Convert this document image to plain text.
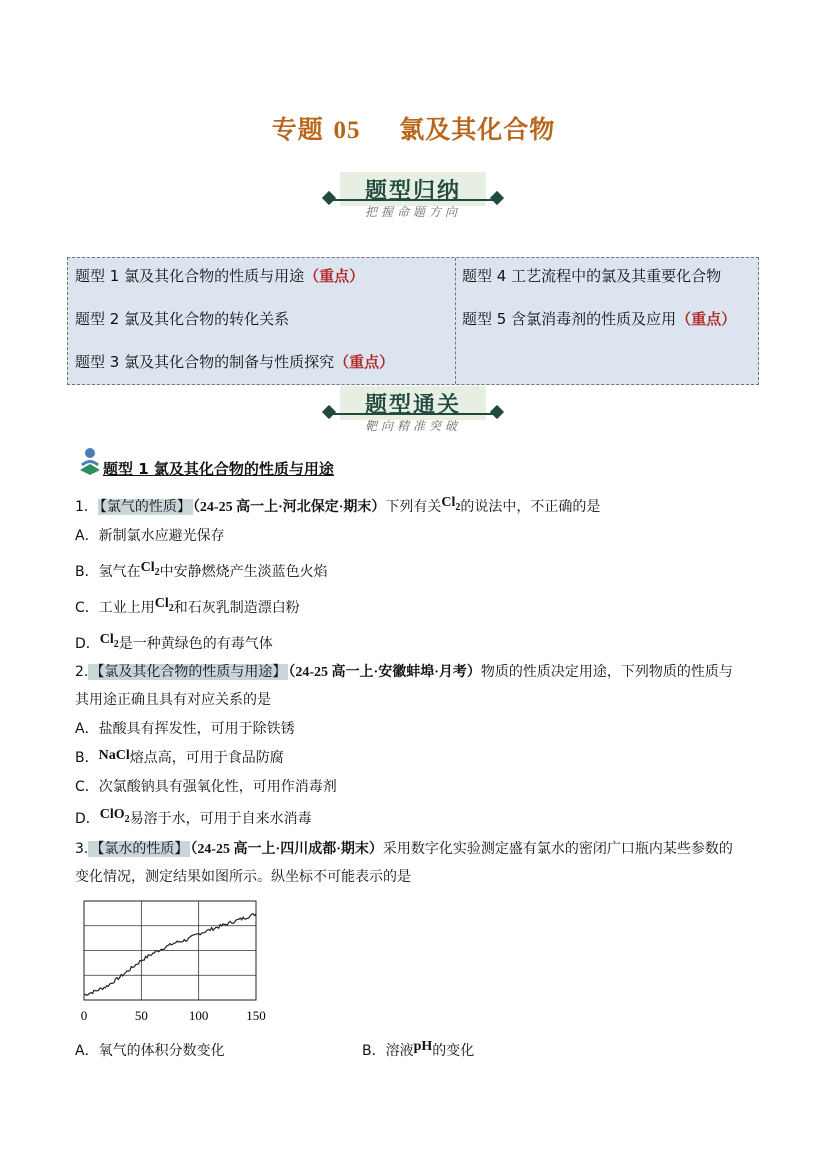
专题 05 氯及其化合物
题型归纳
把握命题方向
题型 1 氯及其化合物的性质与用途（重点）
题型 2 氯及其化合物的转化关系
题型 3 氯及其化合物的制备与性质探究（重点）
题型 4 工艺流程中的氯及其重要化合物
题型 5 含氯消毒剂的性质及应用（重点）
题型通关
靶向精准突破
题型 1 氯及其化合物的性质与用途
1． 【氯气的性质】 （24-25 高一上·河北保定·期末）下列有关$Cl_2$的说法中，不正确的是
A．新制氯水应避光保存
B．氢气在$Cl_2$中安静燃烧产生淡蓝色火焰
C．工业上用$Cl_2$和石灰乳制造漂白粉
D．$Cl_2$是一种黄绿色的有毒气体
2. 【氯及其化合物的性质与用途】 （24-25 高一上·安徽蚌埠·月考）物质的性质决定用途，下列物质的性质与
其用途正确且具有对应关系的是
A．盐酸具有挥发性，可用于除铁锈
B．NaCl熔点高，可用于食品防腐
C．次氯酸钠具有强氧化性，可用作消毒剂
D．ClO$_2$易溶于水，可用于自来水消毒
3. 【氯水的性质】 （24-25 高一上·四川成都·期末）采用数字化实验测定盛有氯水的密闭广口瓶内某些参数的
变化情况，测定结果如图所示。纵坐标不可能表示的是
0	50	100	150
A．氧气的体积分数变化	B．溶液pH的变化
